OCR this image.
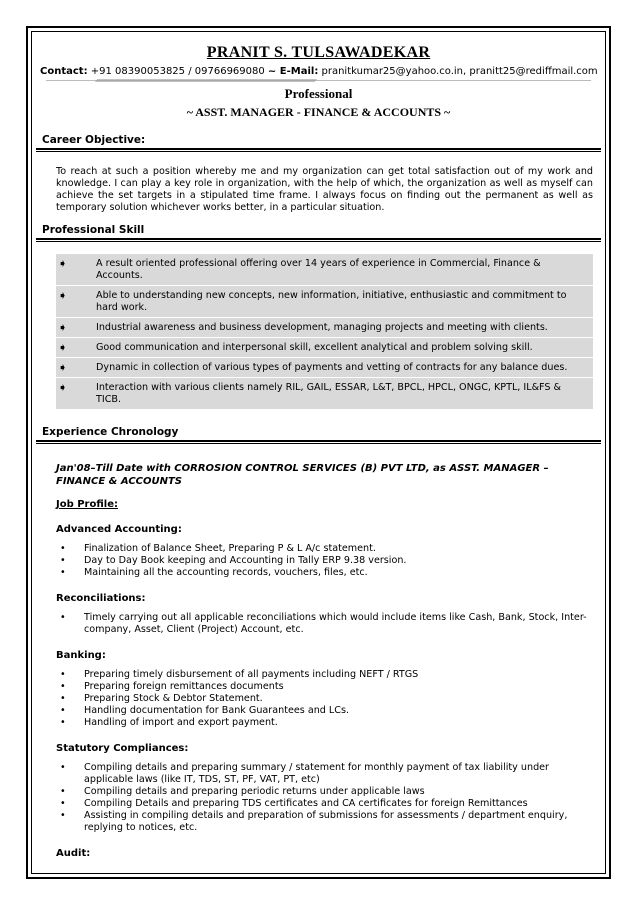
PRANIT S. TULSAWADEKAR
Contact: +91 08390053825 / 09766969080 ~ E-Mail: pranitkumar25@yahoo.co.in, pranitt25@rediffmail.com
Professional
~ ASST. MANAGER - FINANCE & ACCOUNTS ~
Career Objective:
To reach at such a position whereby me and my organization can get total satisfaction out of my work and knowledge. I can play a key role in organization, with the help of which, the organization as well as myself can achieve the set targets in a stipulated time frame. I always focus on finding out the permanent as well as temporary solution whichever works better, in a particular situation.
Professional Skill
➧	A result oriented professional offering over 14 years of experience in Commercial, Finance & Accounts.
➧	Able to understanding new concepts, new information, initiative, enthusiastic and commitment to hard work.
➧	Industrial awareness and business development, managing projects and meeting with clients.
➧	Good communication and interpersonal skill, excellent analytical and problem solving skill.
➧	Dynamic in collection of various types of payments and vetting of contracts for any balance dues.
➧	Interaction with various clients namely RIL, GAIL, ESSAR, L&T, BPCL, HPCL, ONGC, KPTL, IL&FS & TICB.
Experience Chronology
Jan'08–Till Date with CORROSION CONTROL SERVICES (B) PVT LTD, as ASST. MANAGER – FINANCE & ACCOUNTS
Job Profile:
Advanced Accounting:
•	Finalization of Balance Sheet, Preparing P & L A/c statement.
•	Day to Day Book keeping and Accounting in Tally ERP 9.38 version.
•	Maintaining all the accounting records, vouchers, files, etc.
Reconciliations:
•	Timely carrying out all applicable reconciliations which would include items like Cash, Bank, Stock, Inter-company, Asset, Client (Project) Account, etc.
Banking:
•	Preparing timely disbursement of all payments including NEFT / RTGS
•	Preparing foreign remittances documents
•	Preparing Stock & Debtor Statement.
•	Handling documentation for Bank Guarantees and LCs.
•	Handling of import and export payment.
Statutory Compliances:
•	Compiling details and preparing summary / statement for monthly payment of tax liability under applicable laws (like IT, TDS, ST, PF, VAT, PT, etc)
•	Compiling details and preparing periodic returns under applicable laws
•	Compiling Details and preparing TDS certificates and CA certificates for foreign Remittances
•	Assisting in compiling details and preparation of submissions for assessments / department enquiry, replying to notices, etc.
Audit:
